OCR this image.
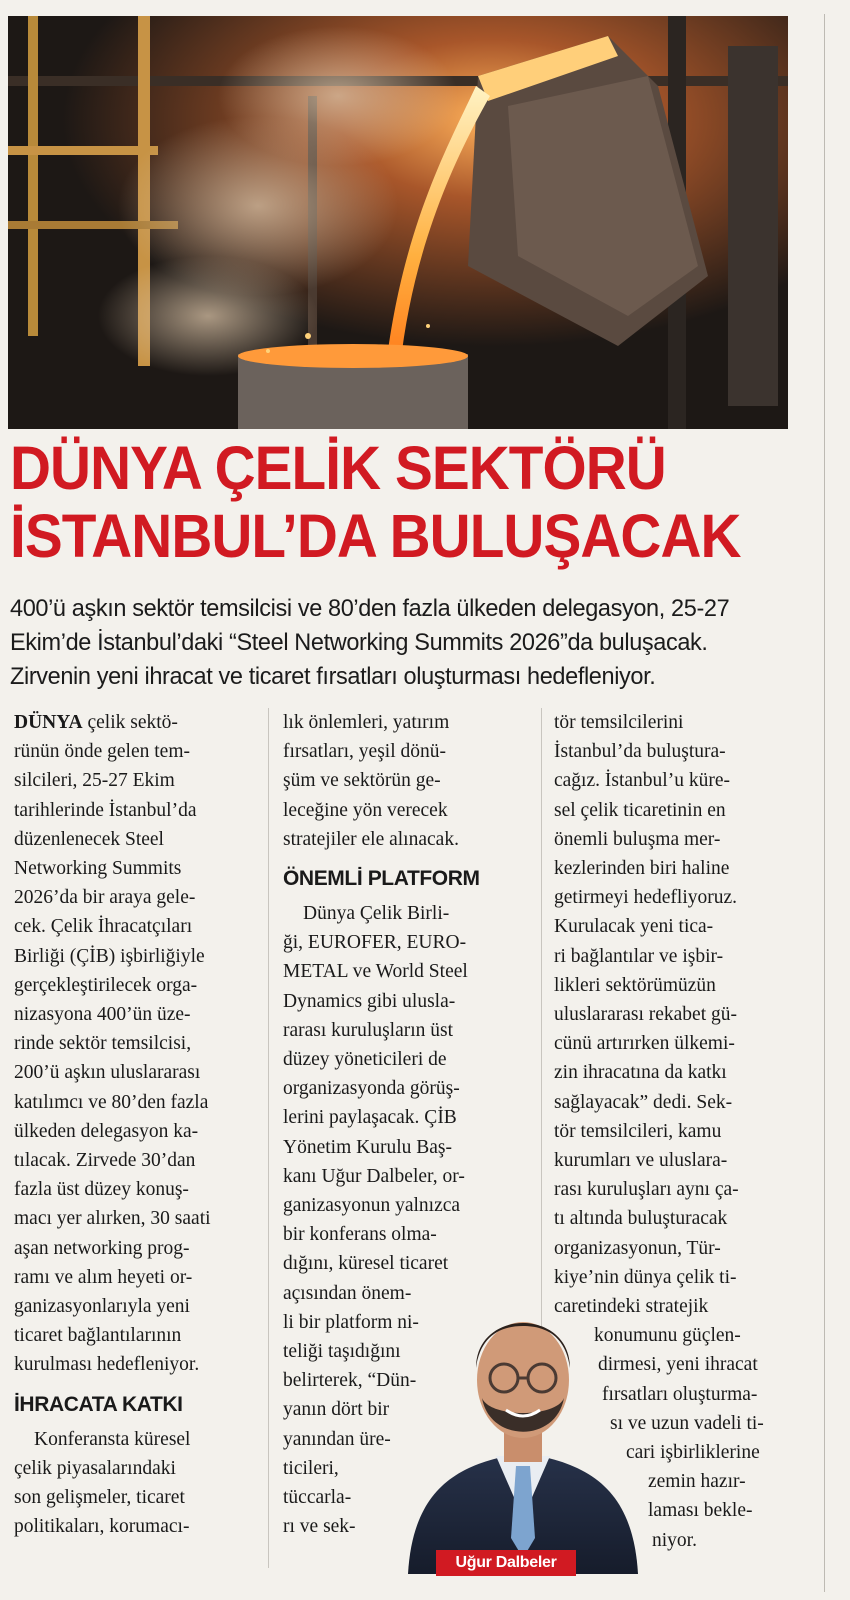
DÜNYA ÇELİK SEKTÖRÜ
İSTANBUL’DA BULUŞACAK
400’ü aşkın sektör temsilcisi ve 80’den fazla ülkeden delegasyon, 25-27
Ekim’de İstanbul’daki “Steel Networking Summits 2026”da buluşacak.
Zirvenin yeni ihracat ve ticaret fırsatları oluşturması hedefleniyor.
DÜNYA çelik sektö-
rünün önde gelen tem-
silcileri, 25-27 Ekim
tarihlerinde İstanbul’da
düzenlenecek Steel
Networking Summits
2026’da bir araya gele-
cek. Çelik İhracatçıları
Birliği (ÇİB) işbirliğiyle
gerçekleştirilecek orga-
nizasyona 400’ün üze-
rinde sektör temsilcisi,
200’ü aşkın uluslararası
katılımcı ve 80’den fazla
ülkeden delegasyon ka-
tılacak. Zirvede 30’dan
fazla üst düzey konuş-
macı yer alırken, 30 saati
aşan networking prog-
ramı ve alım heyeti or-
ganizasyonlarıyla yeni
ticaret bağlantılarının
kurulması hedefleniyor.
İHRACATA KATKI
Konferansta küresel
çelik piyasalarındaki
son gelişmeler, ticaret
politikaları, korumacı-
lık önlemleri, yatırım
fırsatları, yeşil dönü-
şüm ve sektörün ge-
leceğine yön verecek
stratejiler ele alınacak.
ÖNEMLİ PLATFORM
Dünya Çelik Birli-
ği, EUROFER, EURO-
METAL ve World Steel
Dynamics gibi ulusla-
rarası kuruluşların üst
düzey yöneticileri de
organizasyonda görüş-
lerini paylaşacak. ÇİB
Yönetim Kurulu Baş-
kanı Uğur Dalbeler, or-
ganizasyonun yalnızca
bir konferans olma-
dığını, küresel ticaret
açısından önem-
li bir platform ni-
teliği taşıdığını
belirterek, “Dün-
yanın dört bir
yanından üre-
ticileri,
tüccarla-
rı ve sek-
tör temsilcilerini
İstanbul’da buluştura-
cağız. İstanbul’u küre-
sel çelik ticaretinin en
önemli buluşma mer-
kezlerinden biri haline
getirmeyi hedefliyoruz.
Kurulacak yeni tica-
ri bağlantılar ve işbir-
likleri sektörümüzün
uluslararası rekabet gü-
cünü artırırken ülkemi-
zin ihracatına da katkı
sağlayacak” dedi. Sek-
tör temsilcileri, kamu
kurumları ve uluslara-
rası kuruluşları aynı ça-
tı altında buluşturacak
organizasyonun, Tür-
kiye’nin dünya çelik ti-
caretindeki stratejik
konumunu güçlen-
dirmesi, yeni ihracat
fırsatları oluşturma-
sı ve uzun vadeli ti-
cari işbirliklerine
zemin hazır-
laması bekle-
niyor.
Uğur Dalbeler
